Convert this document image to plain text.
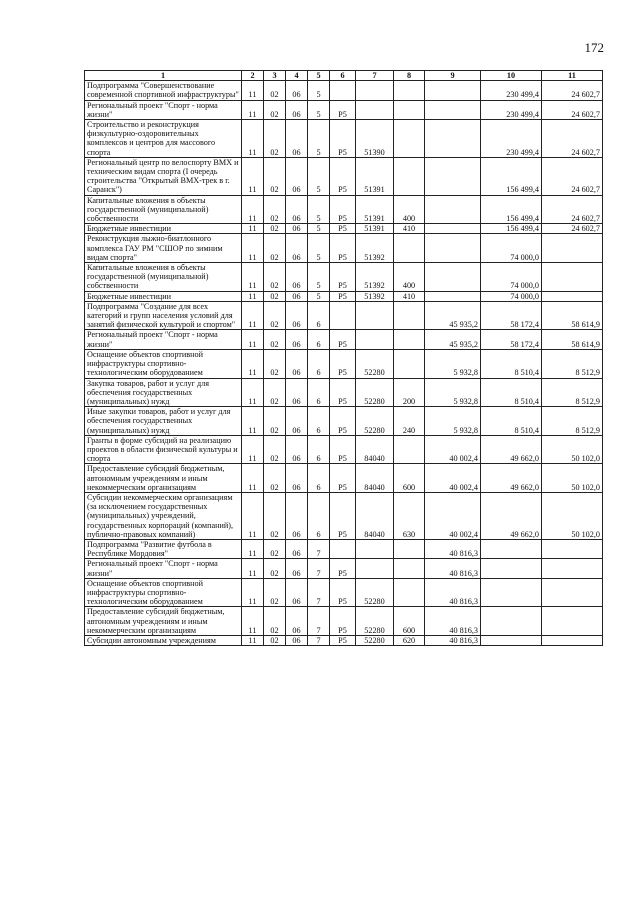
172
1	2	3	4	5	6	7	8	9	10	11
Подпрограмма "Совершенствование современной спортивной инфраструктуры"	11	02	06	5					230 499,4	24 602,7
Региональный проект "Спорт - норма жизни"	11	02	06	5	Р5				230 499,4	24 602,7
Строительство и реконструкция физкультурно-оздоровительных комплексов и центров для массового спорта	11	02	06	5	Р5	51390			230 499,4	24 602,7
Региональный центр по велоспорту ВМХ и техническим видам спорта (I очередь строительства "Открытый ВМХ-трек в г. Саранск")	11	02	06	5	Р5	51391			156 499,4	24 602,7
Капитальные вложения в объекты государственной (муниципальной) собственности	11	02	06	5	Р5	51391	400		156 499,4	24 602,7
Бюджетные инвестиции	11	02	06	5	Р5	51391	410		156 499,4	24 602,7
Реконструкция лыжно-биатлонного комплекса ГАУ РМ "СШОР по зимним видам спорта"	11	02	06	5	Р5	51392			74 000,0	
Капитальные вложения в объекты государственной (муниципальной) собственности	11	02	06	5	Р5	51392	400		74 000,0	
Бюджетные инвестиции	11	02	06	5	Р5	51392	410		74 000,0	
Подпрограмма "Создание для всех категорий и групп населения условий для занятий физической культурой и спортом"	11	02	06	6				45 935,2	58 172,4	58 614,9
Региональный проект "Спорт - норма жизни"	11	02	06	6	Р5			45 935,2	58 172,4	58 614,9
Оснащение объектов спортивной инфраструктуры спортивно-технологическим оборудованием	11	02	06	6	Р5	52280		5 932,8	8 510,4	8 512,9
Закупка товаров, работ и услуг для обеспечения государственных (муниципальных) нужд	11	02	06	6	Р5	52280	200	5 932,8	8 510,4	8 512,9
Иные закупки товаров, работ и услуг для обеспечения государственных (муниципальных) нужд	11	02	06	6	Р5	52280	240	5 932,8	8 510,4	8 512,9
Гранты в форме субсидий на реализацию проектов в области физической культуры и спорта	11	02	06	6	Р5	84040		40 002,4	49 662,0	50 102,0
Предоставление субсидий бюджетным, автономным учреждениям и иным некоммерческим организациям	11	02	06	6	Р5	84040	600	40 002,4	49 662,0	50 102,0
Субсидии некоммерческим организациям (за исключением государственных (муниципальных) учреждений, государственных корпораций (компаний), публично-правовых компаний)	11	02	06	6	Р5	84040	630	40 002,4	49 662,0	50 102,0
Подпрограмма "Развитие футбола в Республике Мордовия"	11	02	06	7				40 816,3		
Региональный проект "Спорт - норма жизни"	11	02	06	7	Р5			40 816,3		
Оснащение объектов спортивной инфраструктуры спортивно-технологическим оборудованием	11	02	06	7	Р5	52280		40 816,3		
Предоставление субсидий бюджетным, автономным учреждениям и иным некоммерческим организациям	11	02	06	7	Р5	52280	600	40 816,3		
Субсидии автономным учреждениям	11	02	06	7	Р5	52280	620	40 816,3		
